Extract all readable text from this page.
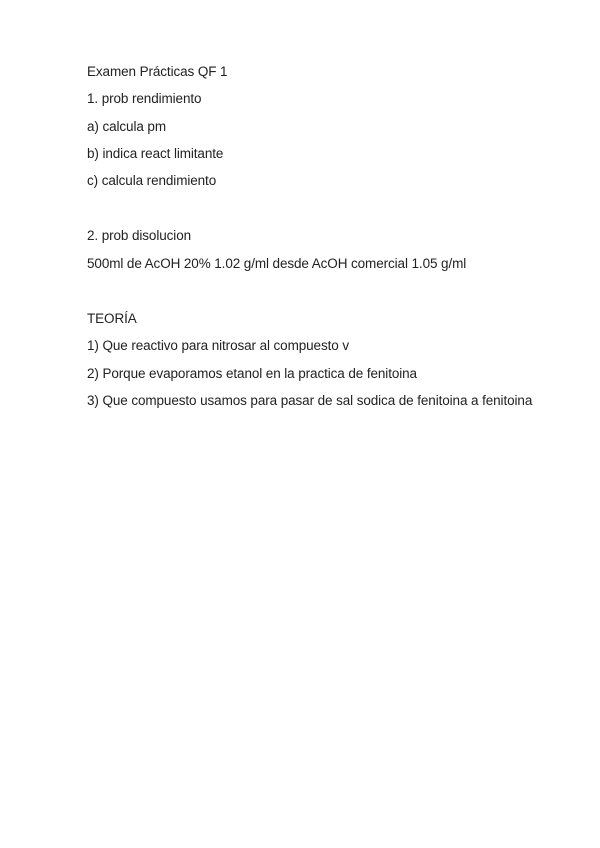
Examen Prácticas QF 1

1. prob rendimiento

a) calcula pm

b) indica react limitante

c) calcula rendimiento

2. prob disolucion

500ml de AcOH 20% 1.02 g/ml desde AcOH comercial 1.05 g/ml

TEORÍA

1) Que reactivo para nitrosar al compuesto v

2) Porque evaporamos etanol en la practica de fenitoina

3) Que compuesto usamos para pasar de sal sodica de fenitoina a fenitoina
